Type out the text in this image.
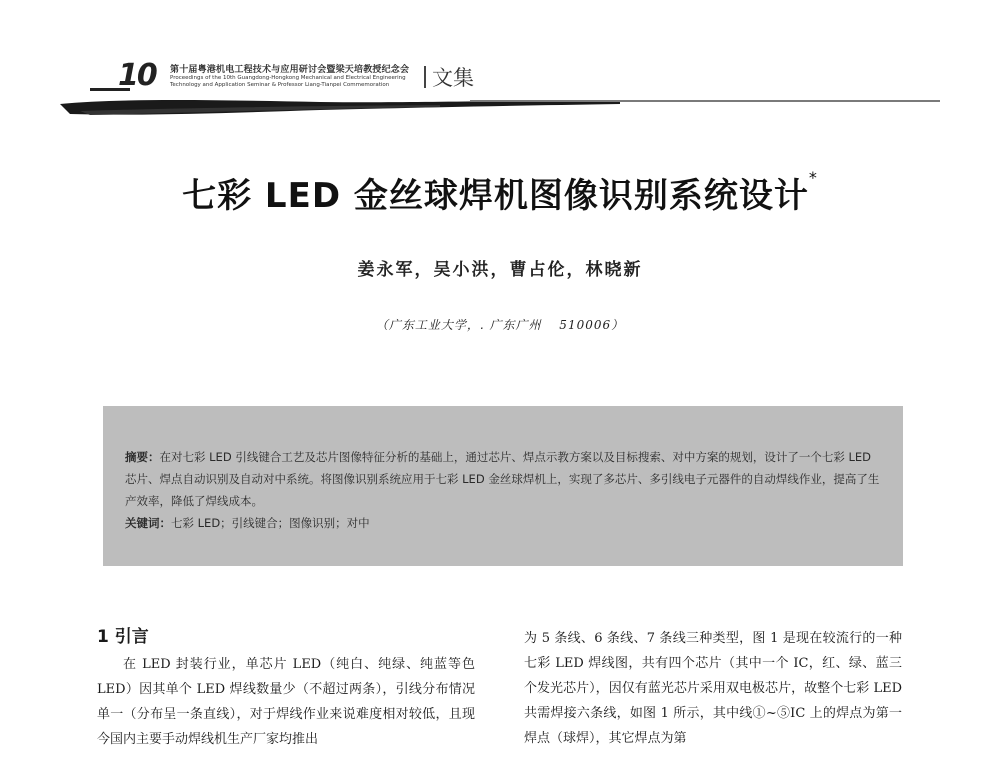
10 第十届粤港机电工程技术与应用研讨会暨梁天培教授纪念会
Proceedings of the 10th Guangdong-Hongkong Mechanical and Electrical Engineering
Technology and Application Seminar & Professor Liang-Tianpei Commemoration	文集
七彩 LED 金丝球焊机图像识别系统设计*
姜永军，吴小洪，曹占伦，林晓新
（广东工业大学，. 广东广州 　510006）
摘要：在对七彩 LED 引线键合工艺及芯片图像特征分析的基础上，通过芯片、焊点示教方案以及目标搜索、对中方案的规划，设计了一个七彩 LED 芯片、焊点自动识别及自动对中系统。将图像识别系统应用于七彩 LED 金丝球焊机上，实现了多芯片、多引线电子元器件的自动焊线作业，提高了生产效率，降低了焊线成本。
关键词：七彩 LED；引线键合；图像识别；对中
1 引言
在 LED 封装行业，单芯片 LED（纯白、纯绿、纯蓝等色 LED）因其单个 LED 焊线数量少（不超过两条），引线分布情况单一（分布呈一条直线），对于焊线作业来说难度相对较低，且现今国内主要手动焊线机生产厂家均推出
为 5 条线、6 条线、7 条线三种类型，图 1 是现在较流行的一种七彩 LED 焊线图，共有四个芯片（其中一个 IC，红、绿、蓝三个发光芯片），因仅有蓝光芯片采用双电极芯片，故整个七彩 LED 共需焊接六条线，如图 1 所示，其中线①~⑤IC 上的焊点为第一焊点（球焊），其它焊点为第
